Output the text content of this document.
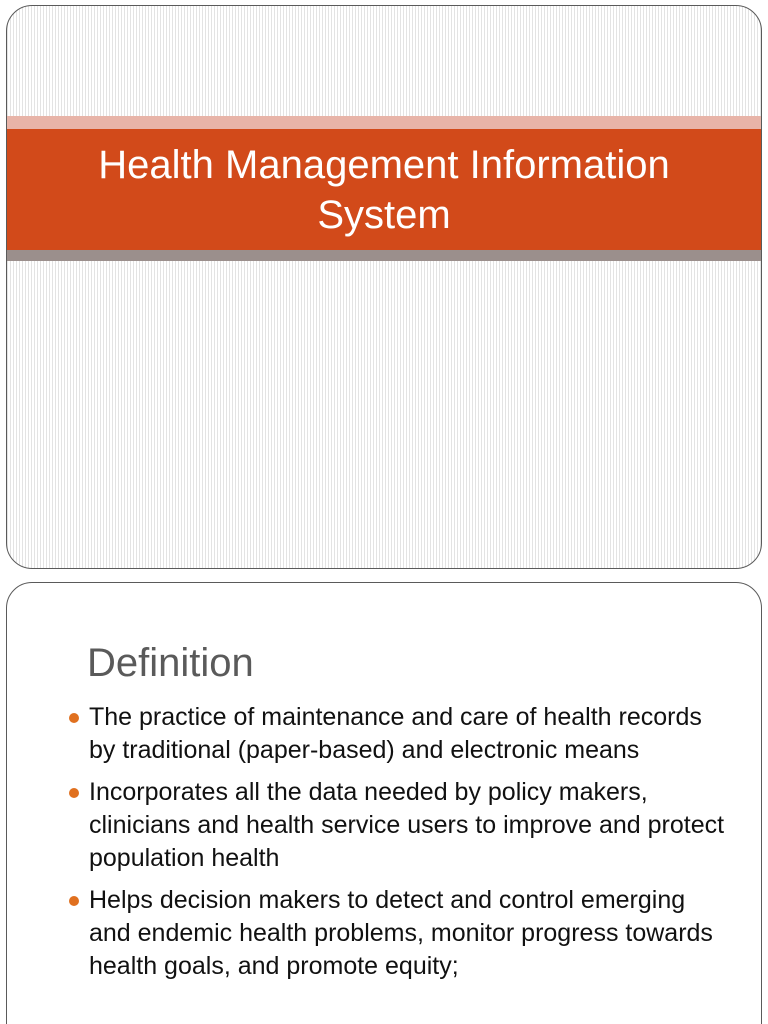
Health Management Information System
Definition
The practice of maintenance and care of health records by traditional (paper-based) and electronic means
Incorporates all the data needed by policy makers, clinicians and health service users to improve and protect population health
Helps decision makers to detect and control emerging and endemic health problems, monitor progress towards health goals, and promote equity;
